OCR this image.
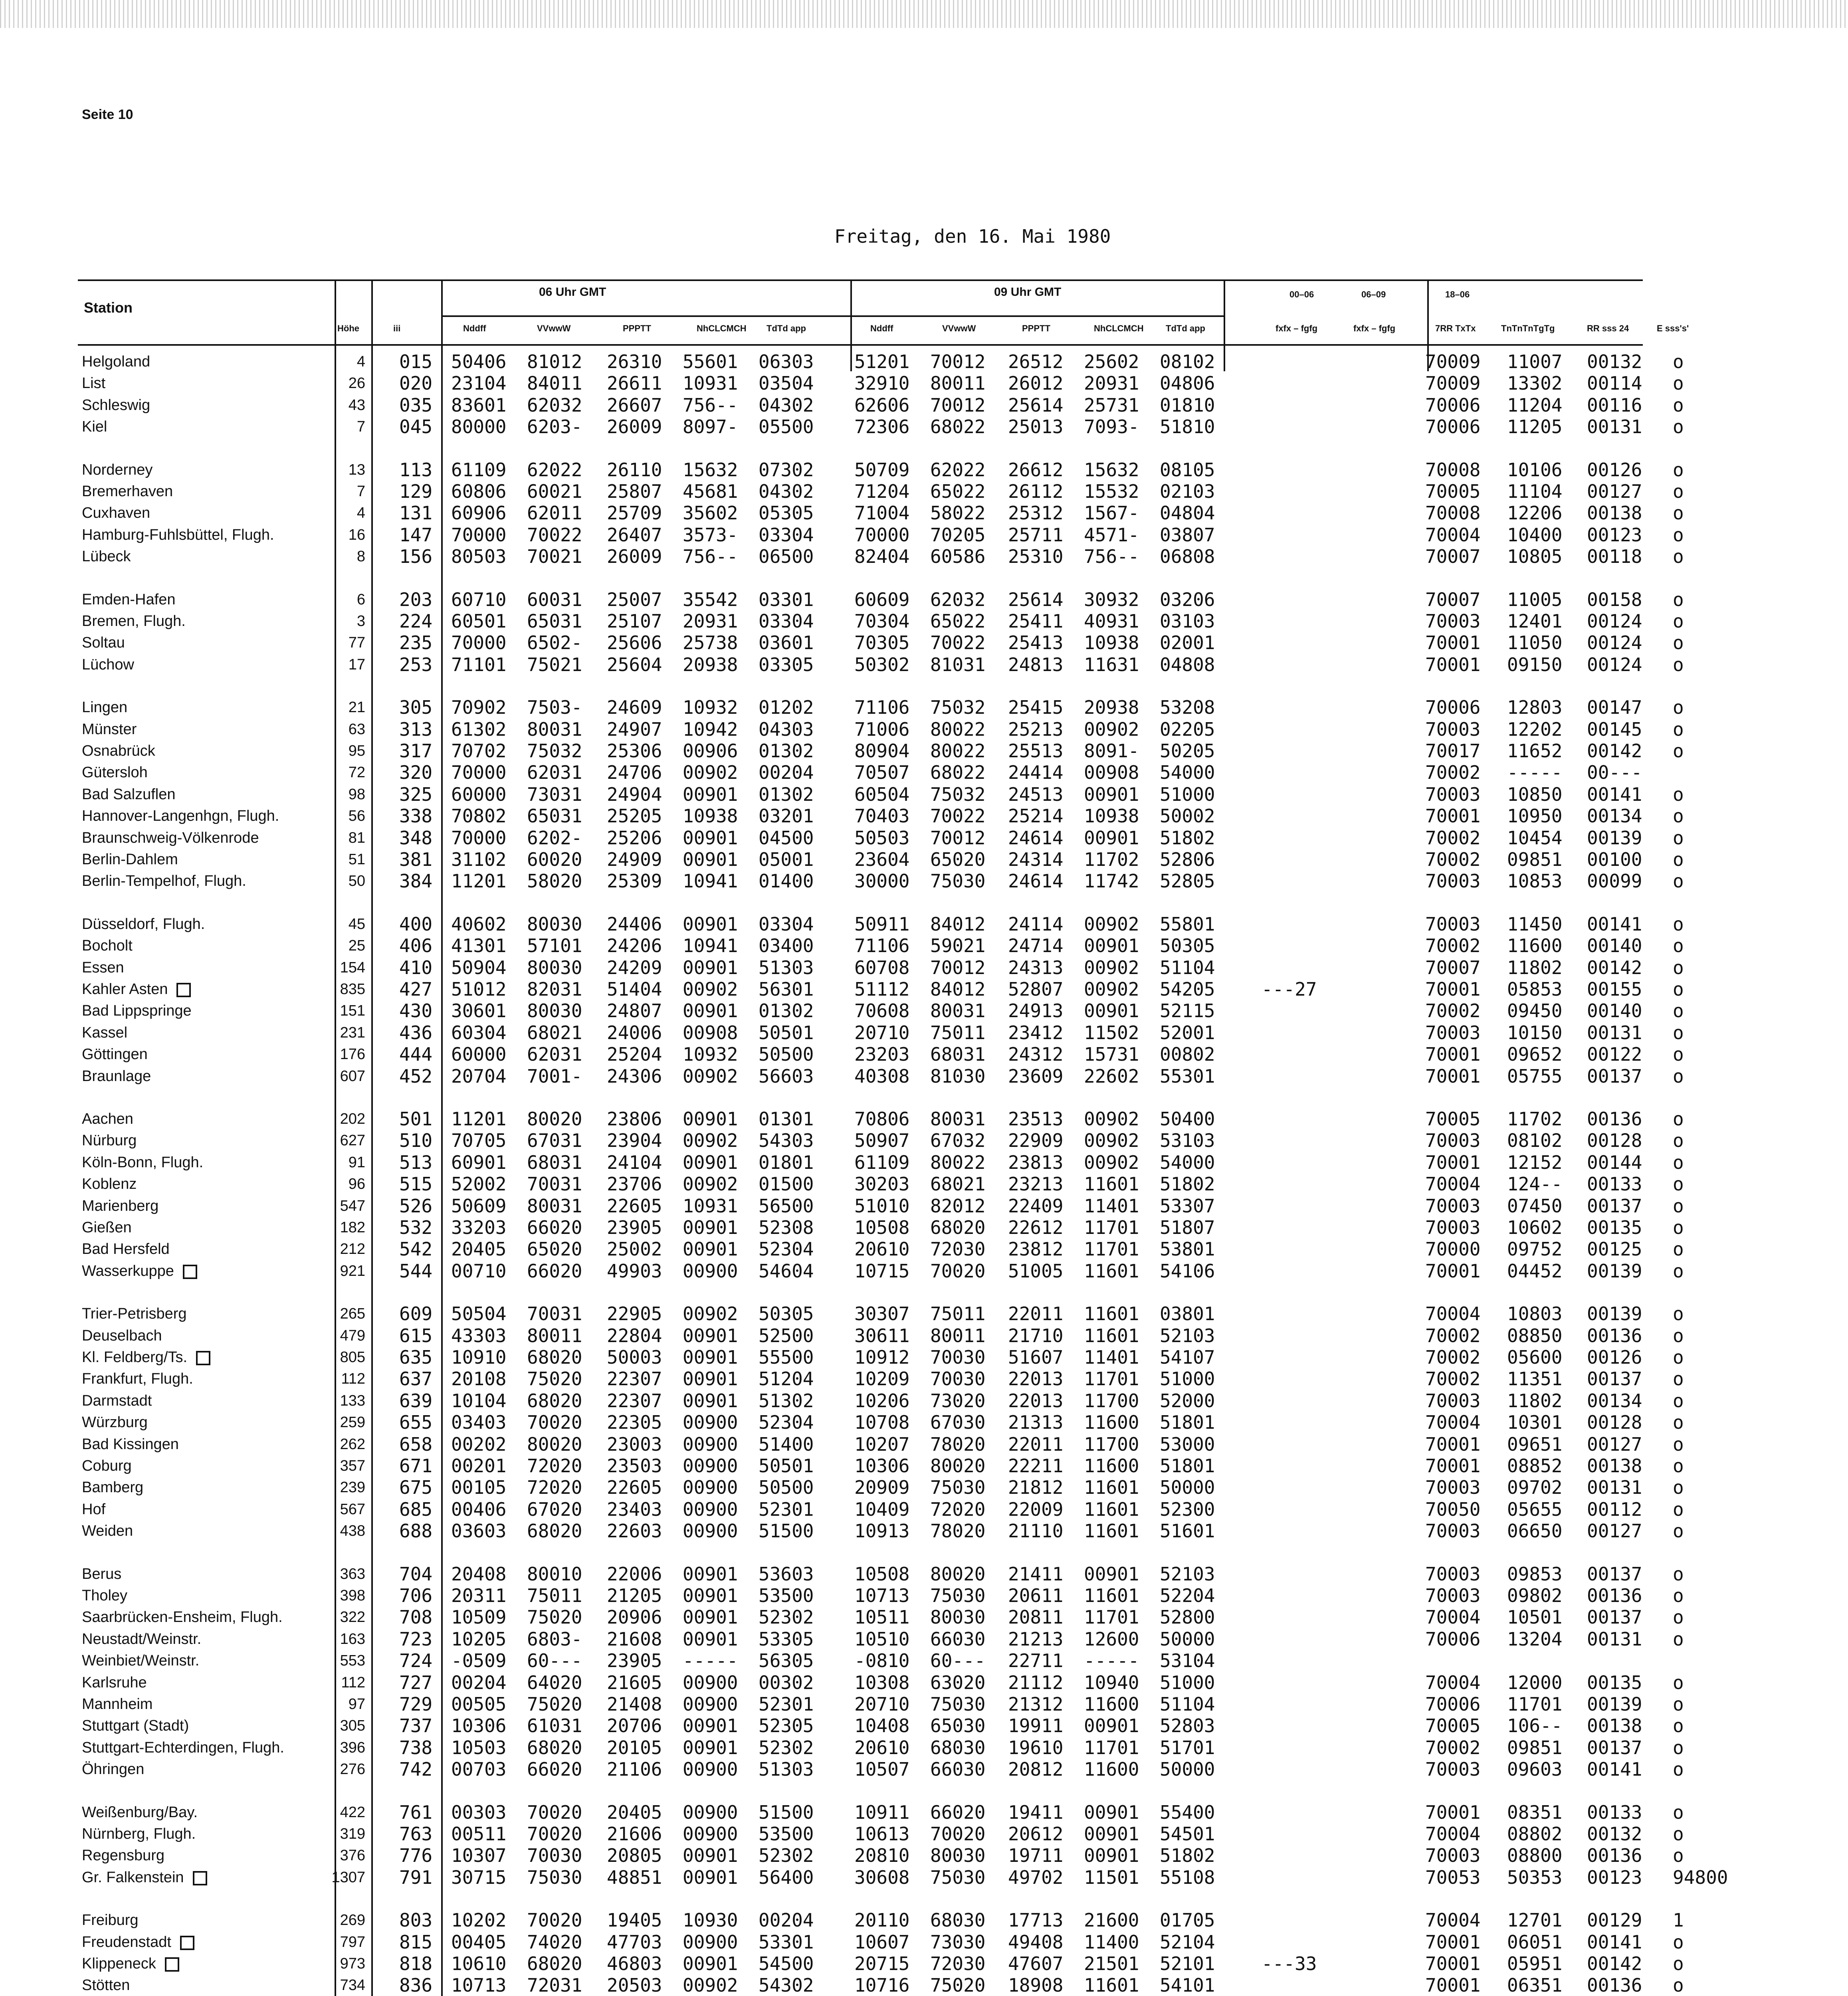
Seite 10
Freitag, den 16. Mai 1980
Station
06 Uhr GMT	09 Uhr GMT
Höhe	iii	Nddff	VVwwW	PPPTT	NhCLCMCH TdTd app	Nddff	VVwwW	PPPTT	NhCLCMCH	TdTd app
00–06	06–09	18–06
fxfx – fgfg	fxfx – fgfg	7RR TxTx	TnTnTnTgTg	RR sss 24	E sss's'
Helgoland	4 015 50406 81012 26310 55601 06303 51201 70012 26512 25602 08102	70009 11007 00132 o
List	26 020 23104 84011 26611 10931 03504 32910 80011 26012 20931 04806	70009 13302 00114 o
Schleswig	43 035 83601 62032 26607 756-- 04302 62606 70012 25614 25731 01810	70006 11204 00116 o
Kiel	7 045 80000 6203- 26009 8097- 05500 72306 68022 25013 7093- 51810	70006 11205 00131 o
Norderney	13 113 61109 62022 26110 15632 07302 50709 62022 26612 15632 08105	70008 10106 00126 o
Bremerhaven	7 129 60806 60021 25807 45681 04302 71204 65022 26112 15532 02103	70005 11104 00127 o
Cuxhaven	4 131 60906 62011 25709 35602 05305 71004 58022 25312 1567- 04804	70008 12206 00138 o
Hamburg-Fuhlsbüttel, Flugh.	16 147 70000 70022 26407 3573- 03304 70000 70205 25711 4571- 03807	70004 10400 00123 o
Lübeck	8 156 80503 70021 26009 756-- 06500 82404 60586 25310 756-- 06808	70007 10805 00118 o
Emden-Hafen	6 203 60710 60031 25007 35542 03301 60609 62032 25614 30932 03206	70007 11005 00158 o
Bremen, Flugh.	3 224 60501 65031 25107 20931 03304 70304 65022 25411 40931 03103	70003 12401 00124 o
Soltau	77 235 70000 6502- 25606 25738 03601 70305 70022 25413 10938 02001	70001 11050 00124 o
Lüchow	17 253 71101 75021 25604 20938 03305 50302 81031 24813 11631 04808	70001 09150 00124 o
Lingen	21 305 70902 7503- 24609 10932 01202 71106 75032 25415 20938 53208	70006 12803 00147 o
Münster	63 313 61302 80031 24907 10942 04303 71006 80022 25213 00902 02205	70003 12202 00145 o
Osnabrück	95 317 70702 75032 25306 00906 01302 80904 80022 25513 8091- 50205	70017 11652 00142 o
Gütersloh	72 320 70000 62031 24706 00902 00204 70507 68022 24414 00908 54000	70002 ----- 00---
Bad Salzuflen	98 325 60000 73031 24904 00901 01302 60504 75032 24513 00901 51000	70003 10850 00141 o
Hannover-Langenhgn, Flugh.	56 338 70802 65031 25205 10938 03201 70403 70022 25214 10938 50002	70001 10950 00134 o
Braunschweig-Völkenrode	81 348 70000 6202- 25206 00901 04500 50503 70012 24614 00901 51802	70002 10454 00139 o
Berlin-Dahlem	51 381 31102 60020 24909 00901 05001 23604 65020 24314 11702 52806	70002 09851 00100 o
Berlin-Tempelhof, Flugh.	50 384 11201 58020 25309 10941 01400 30000 75030 24614 11742 52805	70003 10853 00099 o
Düsseldorf, Flugh.	45 400 40602 80030 24406 00901 03304 50911 84012 24114 00902 55801	70003 11450 00141 o
Bocholt	25 406 41301 57101 24206 10941 03400 71106 59021 24714 00901 50305	70002 11600 00140 o
Essen	154 410 50904 80030 24209 00901 51303 60708 70012 24313 00902 51104	70007 11802 00142 o
Kahler Asten	835 427 51012 82031 51404 00902 56301 51112 84012 52807 00902 54205	---27	70001 05853 00155 o
Bad Lippspringe	151 430 30601 80030 24807 00901 01302 70608 80031 24913 00901 52115	70002 09450 00140 o
Kassel	231 436 60304 68021 24006 00908 50501 20710 75011 23412 11502 52001	70003 10150 00131 o
Göttingen	176 444 60000 62031 25204 10932 50500 23203 68031 24312 15731 00802	70001 09652 00122 o
Braunlage	607 452 20704 7001- 24306 00902 56603 40308 81030 23609 22602 55301	70001 05755 00137 o
Aachen	202 501 11201 80020 23806 00901 01301 70806 80031 23513 00902 50400	70005 11702 00136 o
Nürburg	627 510 70705 67031 23904 00902 54303 50907 67032 22909 00902 53103	70003 08102 00128 o
Köln-Bonn, Flugh.	91 513 60901 68031 24104 00901 01801 61109 80022 23813 00902 54000	70001 12152 00144 o
Koblenz	96 515 52002 70031 23706 00902 01500 30203 68021 23213 11601 51802	70004 124-- 00133 o
Marienberg	547 526 50609 80031 22605 10931 56500 51010 82012 22409 11401 53307	70003 07450 00137 o
Gießen	182 532 33203 66020 23905 00901 52308 10508 68020 22612 11701 51807	70003 10602 00135 o
Bad Hersfeld	212 542 20405 65020 25002 00901 52304 20610 72030 23812 11701 53801	70000 09752 00125 o
Wasserkuppe	921 544 00710 66020 49903 00900 54604 10715 70020 51005 11601 54106	70001 04452 00139 o
Trier-Petrisberg	265 609 50504 70031 22905 00902 50305 30307 75011 22011 11601 03801	70004 10803 00139 o
Deuselbach	479 615 43303 80011 22804 00901 52500 30611 80011 21710 11601 52103	70002 08850 00136 o
Kl. Feldberg/Ts.	805 635 10910 68020 50003 00901 55500 10912 70030 51607 11401 54107	70002 05600 00126 o
Frankfurt, Flugh.	112 637 20108 75020 22307 00901 51204 10209 70030 22013 11701 51000	70002 11351 00137 o
Darmstadt	133 639 10104 68020 22307 00901 51302 10206 73020 22013 11700 52000	70003 11802 00134 o
Würzburg	259 655 03403 70020 22305 00900 52304 10708 67030 21313 11600 51801	70004 10301 00128 o
Bad Kissingen	262 658 00202 80020 23003 00900 51400 10207 78020 22011 11700 53000	70001 09651 00127 o
Coburg	357 671 00201 72020 23503 00900 50501 10306 80020 22211 11600 51801	70001 08852 00138 o
Bamberg	239 675 00105 72020 22605 00900 50500 20909 75030 21812 11601 50000	70003 09702 00131 o
Hof	567 685 00406 67020 23403 00900 52301 10409 72020 22009 11601 52300	70050 05655 00112 o
Weiden	438 688 03603 68020 22603 00900 51500 10913 78020 21110 11601 51601	70003 06650 00127 o
Berus	363 704 20408 80010 22006 00901 53603 10508 80020 21411 00901 52103	70003 09853 00137 o
Tholey	398 706 20311 75011 21205 00901 53500 10713 75030 20611 11601 52204	70003 09802 00136 o
Saarbrücken-Ensheim, Flugh.	322 708 10509 75020 20906 00901 52302 10511 80030 20811 11701 52800	70004 10501 00137 o
Neustadt/Weinstr.	163 723 10205 6803- 21608 00901 53305 10510 66030 21213 12600 50000	70006 13204 00131 o
Weinbiet/Weinstr.	553 724 -0509 60--- 23905 ----- 56305 -0810 60--- 22711 ----- 53104
Karlsruhe	112 727 00204 64020 21605 00900 00302 10308 63020 21112 10940 51000	70004 12000 00135 o
Mannheim	97 729 00505 75020 21408 00900 52301 20710 75030 21312 11600 51104	70006 11701 00139 o
Stuttgart (Stadt)	305 737 10306 61031 20706 00901 52305 10408 65030 19911 00901 52803	70005 106-- 00138 o
Stuttgart-Echterdingen, Flugh.	396 738 10503 68020 20105 00901 52302 20610 68030 19610 11701 51701	70002 09851 00137 o
Öhringen	276 742 00703 66020 21106 00900 51303 10507 66030 20812 11600 50000	70003 09603 00141 o
Weißenburg/Bay.	422 761 00303 70020 20405 00900 51500 10911 66020 19411 00901 55400	70001 08351 00133 o
Nürnberg, Flugh.	319 763 00511 70020 21606 00900 53500 10613 70020 20612 00901 54501	70004 08802 00132 o
Regensburg	376 776 10307 70030 20805 00901 52302 20810 80030 19711 00901 51802	70003 08800 00136 o
Gr. Falkenstein	1307 791 30715 75030 48851 00901 56400 30608 75030 49702 11501 55108	70053 50353 00123 94800
Freiburg	269 803 10202 70020 19405 10930 00204 20110 68030 17713 21600 01705	70004 12701 00129 1
Freudenstadt	797 815 00405 74020 47703 00900 53301 10607 73030 49408 11400 52104	70001 06051 00141 o
Klippeneck	973 818 10610 68020 46803 00901 54500 20715 72030 47607 21501 52101	---33	70001 05951 00142 o
Stötten	734 836 10713 72031 20503 00902 54302 10716 75020 18908 11601 54101	70001 06351 00136 o
